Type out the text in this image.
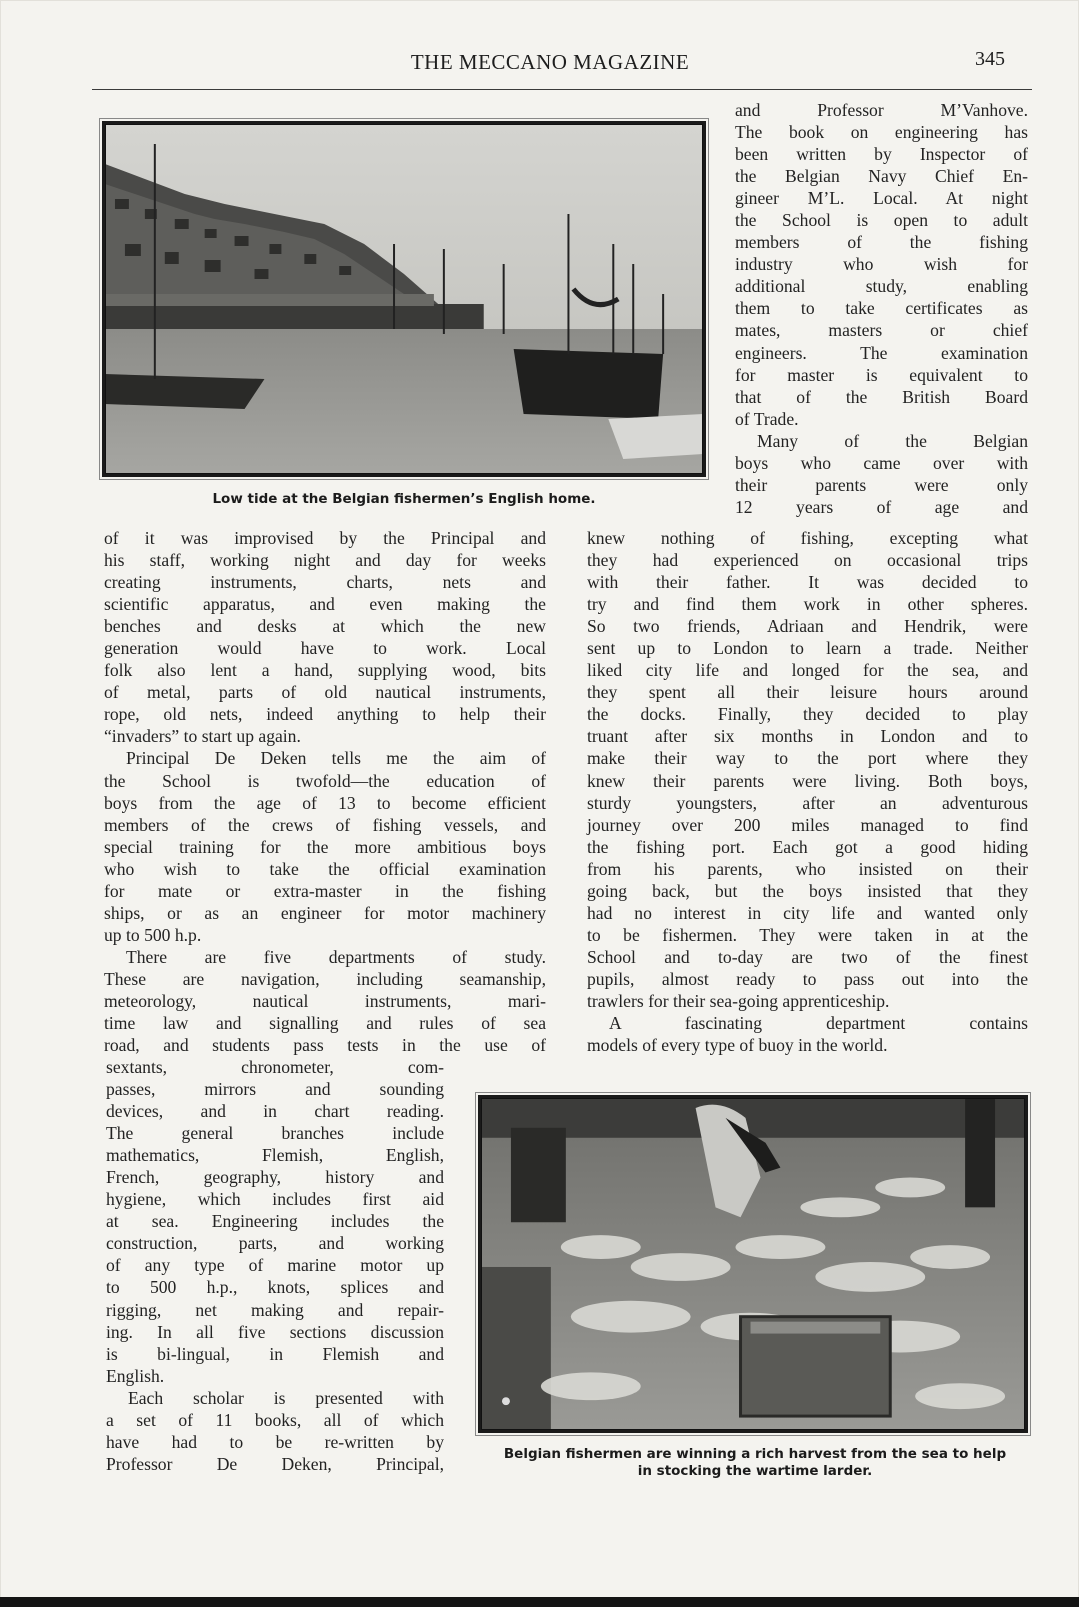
THE MECCANO MAGAZINE	345
Low tide at the Belgian fishermen’s English home.
and Professor M’Vanhove.
The book on engineering has
been written by Inspector of
the Belgian Navy Chief En-
gineer M’L. Local. At night
the School is open to adult
members of the fishing
industry who wish for
additional study, enabling
them to take certificates as
mates, masters or chief
engineers. The examination
for master is equivalent to
that of the British Board
of Trade.
Many of the Belgian
boys who came over with
their parents were only
12 years of age and
of it was improvised by the Principal and
his staff, working night and day for weeks
creating instruments, charts, nets and
scientific apparatus, and even making the
benches and desks at which the new
generation would have to work. Local
folk also lent a hand, supplying wood, bits
of metal, parts of old nautical instruments,
rope, old nets, indeed anything to help their
“invaders” to start up again.
Principal De Deken tells me the aim of
the School is twofold—the education of
boys from the age of 13 to become efficient
members of the crews of fishing vessels, and
special training for the more ambitious boys
who wish to take the official examination
for mate or extra-master in the fishing
ships, or as an engineer for motor machinery
up to 500 h.p.
There are five departments of study.
These are navigation, including seamanship,
meteorology, nautical instruments, mari-
time law and signalling and rules of sea
road, and students pass tests in the use of
sextants, chronometer, com-
passes, mirrors and sounding
devices, and in chart reading.
The general branches include
mathematics, Flemish, English,
French, geography, history and
hygiene, which includes first aid
at sea. Engineering includes the
construction, parts, and working
of any type of marine motor up
to 500 h.p., knots, splices and
rigging, net making and repair-
ing. In all five sections discussion
is bi-lingual, in Flemish and
English.
Each scholar is presented with
a set of 11 books, all of which
have had to be re-written by
Professor De Deken, Principal,
knew nothing of fishing, excepting what
they had experienced on occasional trips
with their father. It was decided to
try and find them work in other spheres.
So two friends, Adriaan and Hendrik, were
sent up to London to learn a trade. Neither
liked city life and longed for the sea, and
they spent all their leisure hours around
the docks. Finally, they decided to play
truant after six months in London and to
make their way to the port where they
knew their parents were living. Both boys,
sturdy youngsters, after an adventurous
journey over 200 miles managed to find
the fishing port. Each got a good hiding
from his parents, who insisted on their
going back, but the boys insisted that they
had no interest in city life and wanted only
to be fishermen. They were taken in at the
School and to-day are two of the finest
pupils, almost ready to pass out into the
trawlers for their sea-going apprenticeship.
A fascinating department contains
models of every type of buoy in the world.
Belgian fishermen are winning a rich harvest from the sea to help
in stocking the wartime larder.
